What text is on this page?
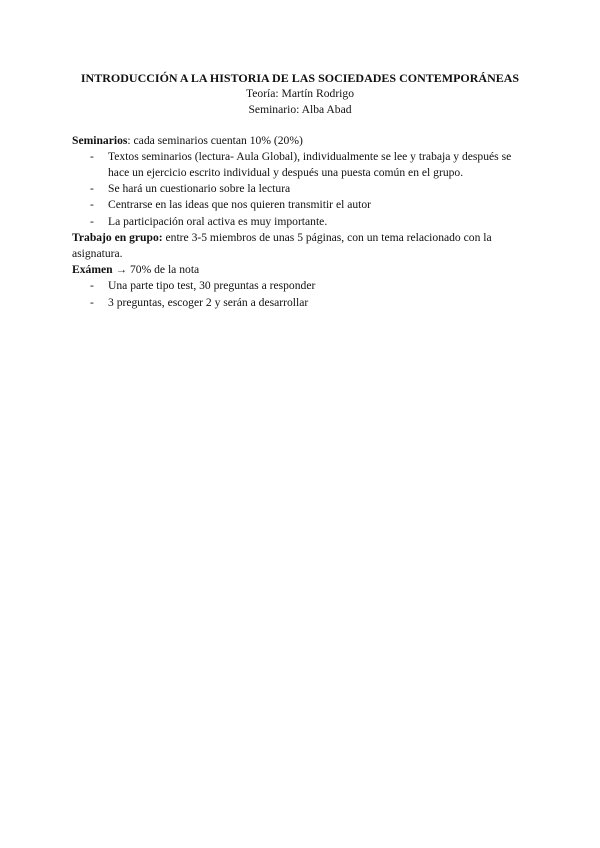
INTRODUCCIÓN A LA HISTORIA DE LAS SOCIEDADES CONTEMPORÁNEAS
Teoría: Martín Rodrigo
Seminario: Alba Abad
Seminarios: cada seminarios cuentan 10% (20%)
- Textos seminarios (lectura- Aula Global), individualmente se lee y trabaja y después se hace un ejercicio escrito individual y después una puesta común en el grupo.
- Se hará un cuestionario sobre la lectura
- Centrarse en las ideas que nos quieren transmitir el autor
- La participación oral activa es muy importante.
Trabajo en grupo: entre 3-5 miembros de unas 5 páginas, con un tema relacionado con la asignatura.
Exámen → 70% de la nota
- Una parte tipo test, 30 preguntas a responder
- 3 preguntas, escoger 2 y serán a desarrollar
